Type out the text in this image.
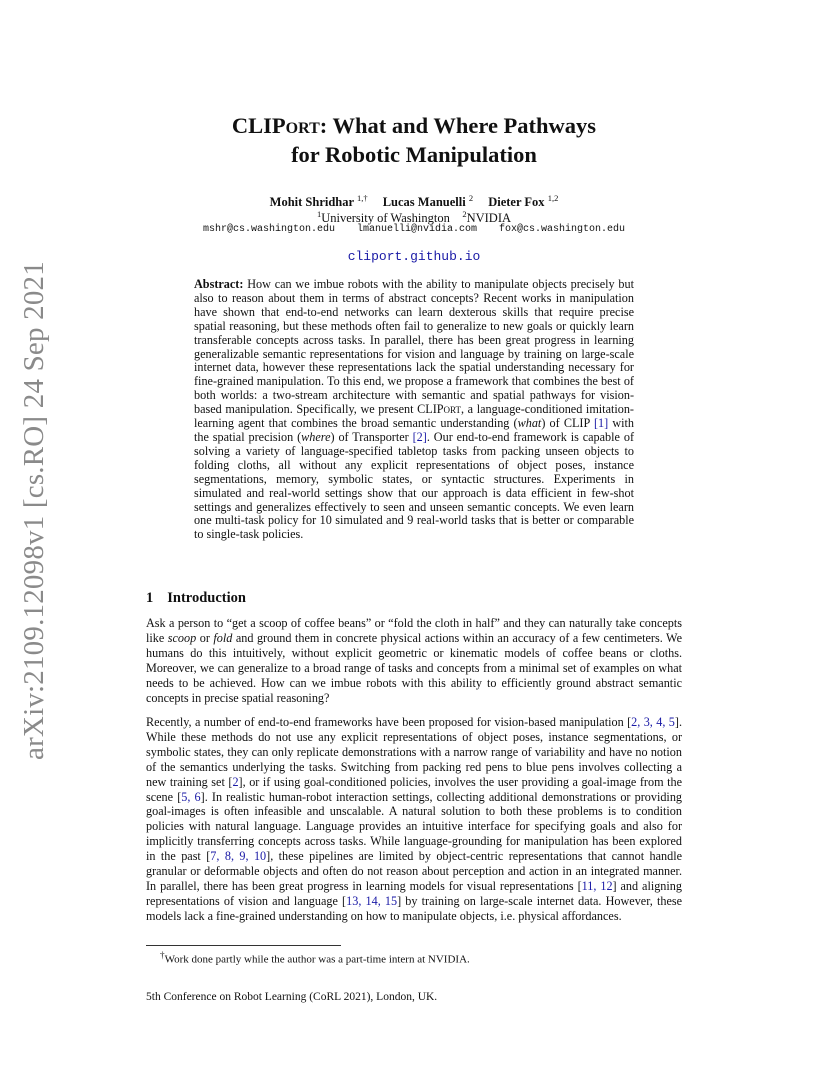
arXiv:2109.12098v1 [cs.RO] 24 Sep 2021
CLIPort: What and Where Pathways
for Robotic Manipulation
Mohit Shridhar $^{1,\dagger}$ Lucas Manuelli $^2$ Dieter Fox $^{1,2}$
$^1$University of Washington $^2$NVIDIA
mshr@cs.washington.edu lmanuelli@nvidia.com fox@cs.washington.edu
cliport.github.io
Abstract: How can we imbue robots with the ability to manipulate objects precisely but also to reason about them in terms of abstract concepts? Recent works in manipulation have shown that end-to-end networks can learn dexterous skills that require precise spatial reasoning, but these methods often fail to generalize to new goals or quickly learn transferable concepts across tasks. In parallel, there has been great progress in learning generalizable semantic representations for vision and language by training on large-scale internet data, however these representations lack the spatial understanding necessary for fine-grained manipulation. To this end, we propose a framework that combines the best of both worlds: a two-stream architecture with semantic and spatial pathways for vision-based manipulation. Specifically, we present CLIPort, a language-conditioned imitation-learning agent that combines the broad semantic understanding (what) of CLIP [1] with the spatial precision (where) of Transporter [2]. Our end-to-end framework is capable of solving a variety of language-specified tabletop tasks from packing unseen objects to folding cloths, all without any explicit representations of object poses, instance segmentations, memory, symbolic states, or syntactic structures. Experiments in simulated and real-world settings show that our approach is data efficient in few-shot settings and generalizes effectively to seen and unseen semantic concepts. We even learn one multi-task policy for 10 simulated and 9 real-world tasks that is better or comparable to single-task policies.
1 Introduction
Ask a person to “get a scoop of coffee beans” or “fold the cloth in half” and they can naturally take concepts like scoop or fold and ground them in concrete physical actions within an accuracy of a few centimeters. We humans do this intuitively, without explicit geometric or kinematic models of coffee beans or cloths. Moreover, we can generalize to a broad range of tasks and concepts from a minimal set of examples on what needs to be achieved. How can we imbue robots with this ability to efficiently ground abstract semantic concepts in precise spatial reasoning?
Recently, a number of end-to-end frameworks have been proposed for vision-based manipulation [2, 3, 4, 5]. While these methods do not use any explicit representations of object poses, instance segmentations, or symbolic states, they can only replicate demonstrations with a narrow range of variability and have no notion of the semantics underlying the tasks. Switching from packing red pens to blue pens involves collecting a new training set [2], or if using goal-conditioned policies, involves the user providing a goal-image from the scene [5, 6]. In realistic human-robot interaction settings, collecting additional demonstrations or providing goal-images is often infeasible and unscalable. A natural solution to both these problems is to condition policies with natural language. Language provides an intuitive interface for specifying goals and also for implicitly transferring concepts across tasks. While language-grounding for manipulation has been explored in the past [7, 8, 9, 10], these pipelines are limited by object-centric representations that cannot handle granular or deformable objects and often do not reason about perception and action in an integrated manner. In parallel, there has been great progress in learning models for visual representations [11, 12] and aligning representations of vision and language [13, 14, 15] by training on large-scale internet data. However, these models lack a fine-grained understanding on how to manipulate objects, i.e. physical affordances.
†Work done partly while the author was a part-time intern at NVIDIA.
5th Conference on Robot Learning (CoRL 2021), London, UK.
